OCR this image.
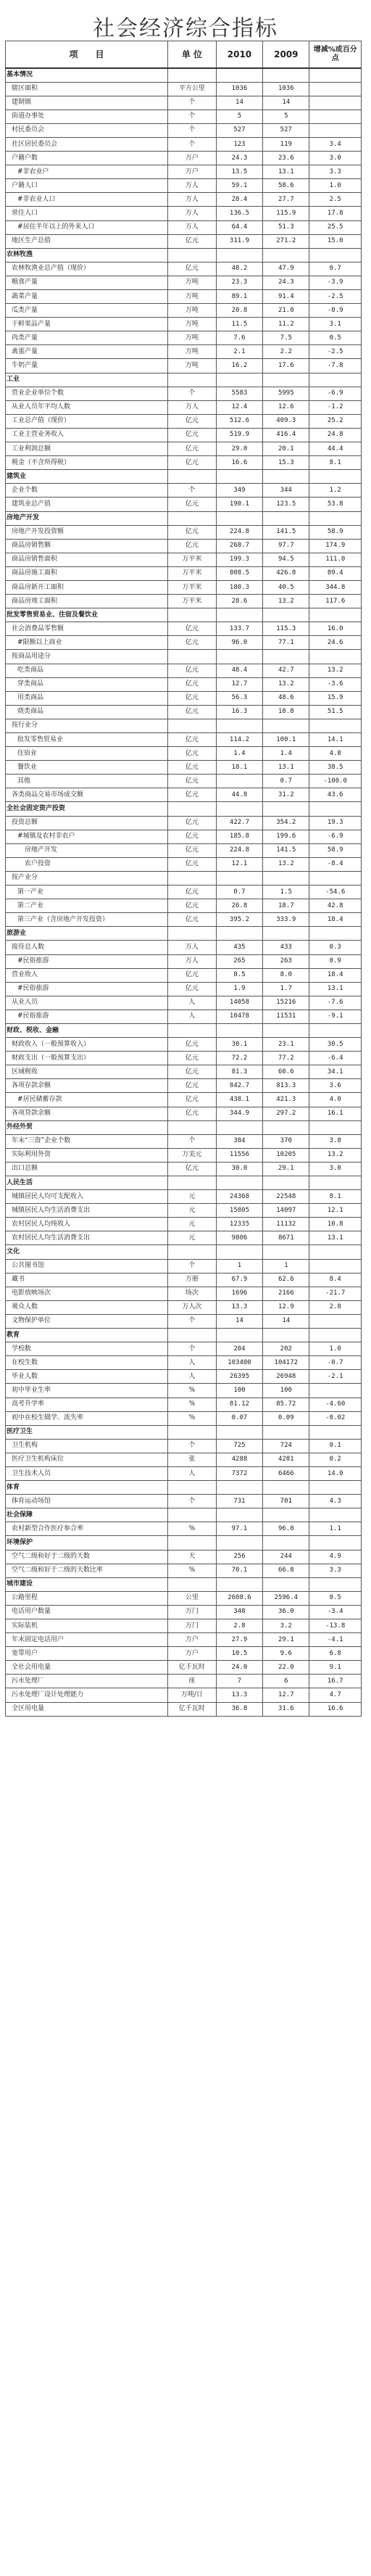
社会经济综合指标
项　　目	单 位	2010	2009	增减%或百分点
基本情况				
辖区面积	平方公里	1036	1036	
建制镇	个	14	14	
街道办事处	个	5	5	
村民委员会	个	527	527	
社区居民委员会	个	123	119	3.4
户籍户数	万户	24.3	23.6	3.0
#非农业户	万户	13.5	13.1	3.3
户籍人口	万人	59.1	58.6	1.0
#非农业人口	万人	28.4	27.7	2.5
常住人口	万人	136.5	115.9	17.8
#居住半年以上的外来人口	万人	64.4	51.3	25.5
地区生产总值	亿元	311.9	271.2	15.0
农林牧渔				
农林牧渔业总产值（现价）	亿元	48.2	47.9	0.7
粮食产量	万吨	23.3	24.3	-3.9
蔬菜产量	万吨	89.1	91.4	-2.5
瓜类产量	万吨	20.8	21.0	-0.9
干鲜果品产量	万吨	11.5	11.2	3.1
肉类产量	万吨	7.6	7.5	0.5
禽蛋产量	万吨	2.1	2.2	-2.5
牛奶产量	万吨	16.2	17.6	-7.8
工业				
营业企业单位个数	个	5583	5995	-6.9
从业人员年平均人数	万人	12.4	12.6	-1.2
工业总产值（现价）	亿元	512.6	409.3	25.2
工业主营业务收入	亿元	519.9	416.4	24.8
工业利润总额	亿元	29.0	20.1	44.4
税金（不含所得税）	亿元	16.6	15.3	8.1
建筑业				
企业个数	个	349	344	1.2
建筑业总产值	亿元	190.1	123.5	53.8
房地产开发				
房地产开发投资额	亿元	224.8	141.5	58.9
商品房销售额	亿元	268.7	97.7	174.9
商品房销售面积	万平米	199.3	94.5	111.0
商品房施工面积	万平米	808.5	426.8	89.4
商品房新开工面积	万平米	180.3	40.5	344.8
商品房竣工面积	万平米	28.6	13.2	117.6
批发零售贸易业、住宿及餐饮业				
社会消费品零售额	亿元	133.7	115.3	16.0
#限额以上商业	亿元	96.0	77.1	24.6
按商品用途分				
吃类商品	亿元	48.4	42.7	13.2
穿类商品	亿元	12.7	13.2	-3.6
用类商品	亿元	56.3	48.6	15.9
烧类商品	亿元	16.3	10.8	51.5
按行业分				
批发零售贸易业	亿元	114.2	100.1	14.1
住宿业	亿元	1.4	1.4	4.8
餐饮业	亿元	18.1	13.1	38.5
其他	亿元		0.7	-100.0
各类商品交易市场成交额	亿元	44.8	31.2	43.6
全社会固定资产投资				
投资总额	亿元	422.7	354.2	19.3
#城镇及农村非农户	亿元	185.8	199.6	-6.9
房地产开发	亿元	224.8	141.5	58.9
农户投资	亿元	12.1	13.2	-8.4
按产业分				
第一产业	亿元	0.7	1.5	-54.6
第二产业	亿元	26.8	18.7	42.8
第三产业（含房地产开发投资）	亿元	395.2	333.9	18.4
旅游业				
接待总人数	万人	435	433	0.3
#民俗旅游	万人	265	263	0.9
营业收入	亿元	8.5	8.0	18.4
#民俗旅游	亿元	1.9	1.7	13.1
从业人员	人	14058	15216	-7.6
#民俗旅游	人	10478	11531	-9.1
财政、税收、金融				
财政收入（一般预算收入）	亿元	30.1	23.1	30.5
财政支出（一般预算支出）	亿元	72.2	77.2	-6.4
区域税收	亿元	81.3	60.6	34.1
各项存款余额	亿元	842.7	813.3	3.6
#居民储蓄存款	亿元	438.1	421.3	4.0
各项贷款余额	亿元	344.9	297.2	16.1
外经外贸				
年末“三资”企业个数	个	384	370	3.8
实际利用外资	万美元	11556	10205	13.2
出口总额	亿元	30.0	29.1	3.0
人民生活				
城镇居民人均可支配收入	元	24368	22548	8.1
城镇居民人均生活消费支出	元	15805	14097	12.1
农村居民人均纯收入	元	12335	11132	10.8
农村居民人均生活消费支出	元	9806	8671	13.1
文化				
公共图书馆	个	1	1	
藏书	万册	67.9	62.6	8.4
电影放映场次	场次	1696	2166	-21.7
观众人数	万人次	13.3	12.9	2.8
文物保护单位	个	14	14	
教育				
学校数	个	204	202	1.0
在校生数	人	103400	104172	-0.7
毕业人数	人	26395	26948	-2.1
初中毕业生率	%	100	100	
高考升学率	%	81.12	85.72	-4.60
初中在校生辍学、流失率	%	0.07	0.09	-0.02
医疗卫生				
卫生机构	个	725	724	0.1
医疗卫生机构床位	张	4288	4281	0.2
卫生技术人员	人	7372	6466	14.0
体育				
体育运动场馆	个	731	701	4.3
社会保障				
农村新型合作医疗参合率	%	97.1	96.0	1.1
环境保护				
空气二级和好于二级的天数	天	256	244	4.9
空气二级和好于二级的天数比率	%	70.1	66.8	3.3
城市建设				
公路里程	公里	2608.6	2596.4	0.5
电话用户数量	万门	348	36.0	-3.4
实际装机	万门	2.8	3.2	-13.8
年末固定电话用户	万户	27.9	29.1	-4.1
宽带用户	万户	10.5	9.6	6.8
全社会用电量	亿千瓦时	24.0	22.0	9.1
污水处理厂	座	7	6	16.7
污水处理厂设计处理能力	万吨/日	13.3	12.7	4.7
全区用电量	亿千瓦时	36.8	31.6	16.6
